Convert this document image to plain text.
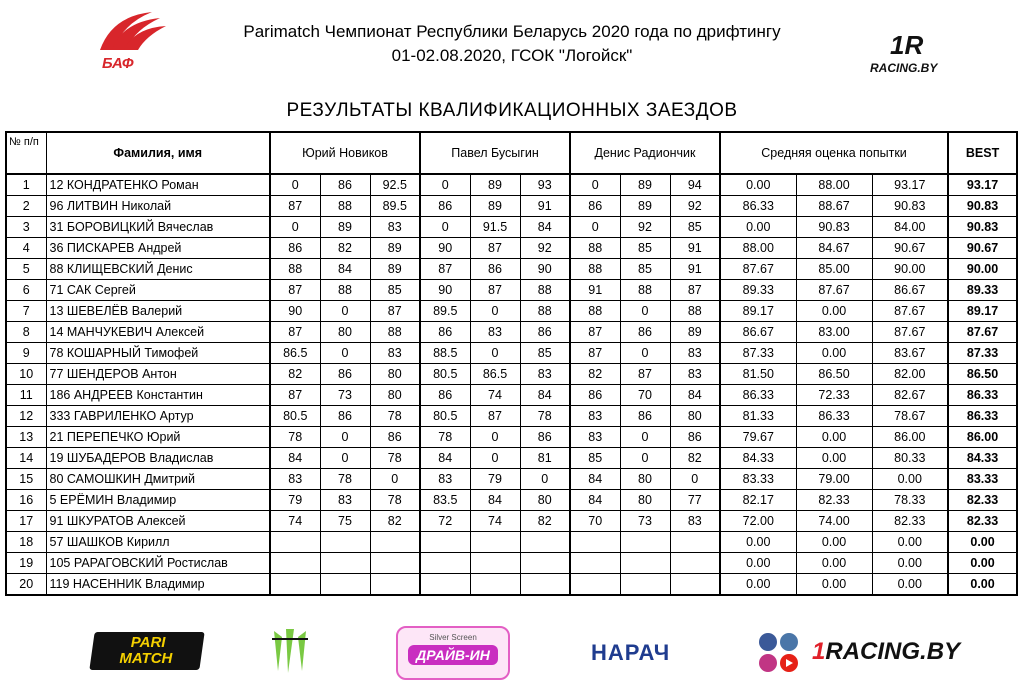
БАФ
Parimatch Чемпионат Республики Беларусь 2020 года по дрифтингу
01-02.08.2020, ГСОК "Логойск"	1R
RACING.BY
РЕЗУЛЬТАТЫ КВАЛИФИКАЦИОННЫХ ЗАЕЗДОВ
№ п/п	Фамилия, имя	Юрий Новиков			Павел Бусыгин			Денис Радиончик			Средняя оценка попытки			BEST
1	12 КОНДРАТЕНКО Роман	0	86	92.5	0	89	93	0	89	94	0.00	88.00	93.17	93.17
2	96 ЛИТВИН Николай	87	88	89.5	86	89	91	86	89	92	86.33	88.67	90.83	90.83
3	31 БОРОВИЦКИЙ Вячеслав	0	89	83	0	91.5	84	0	92	85	0.00	90.83	84.00	90.83
4	36 ПИСКАРЕВ Андрей	86	82	89	90	87	92	88	85	91	88.00	84.67	90.67	90.67
5	88 КЛИЩЕВСКИЙ Денис	88	84	89	87	86	90	88	85	91	87.67	85.00	90.00	90.00
6	71 САК Сергей	87	88	85	90	87	88	91	88	87	89.33	87.67	86.67	89.33
7	13 ШЕВЕЛЁВ Валерий	90	0	87	89.5	0	88	88	0	88	89.17	0.00	87.67	89.17
8	14 МАНЧУКЕВИЧ Алексей	87	80	88	86	83	86	87	86	89	86.67	83.00	87.67	87.67
9	78 КОШАРНЫЙ Тимофей	86.5	0	83	88.5	0	85	87	0	83	87.33	0.00	83.67	87.33
10	77 ШЕНДЕРОВ Антон	82	86	80	80.5	86.5	83	82	87	83	81.50	86.50	82.00	86.50
11	186 АНДРЕЕВ Константин	87	73	80	86	74	84	86	70	84	86.33	72.33	82.67	86.33
12	333 ГАВРИЛЕНКО Артур	80.5	86	78	80.5	87	78	83	86	80	81.33	86.33	78.67	86.33
13	21 ПЕРЕПЕЧКО Юрий	78	0	86	78	0	86	83	0	86	79.67	0.00	86.00	86.00
14	19 ШУБАДЕРОВ Владислав	84	0	78	84	0	81	85	0	82	84.33	0.00	80.33	84.33
15	80 САМОШКИН Дмитрий	83	78	0	83	79	0	84	80	0	83.33	79.00	0.00	83.33
16	5 ЕРЁМИН Владимир	79	83	78	83.5	84	80	84	80	77	82.17	82.33	78.33	82.33
17	91 ШКУРАТОВ Алексей	74	75	82	72	74	82	70	73	83	72.00	74.00	82.33	82.33
18	57 ШАШКОВ Кирилл										0.00	0.00	0.00	0.00
19	105 РАРАГОВСКИЙ Ростислав										0.00	0.00	0.00	0.00
20	119 НАСЕННИК Владимир										0.00	0.00	0.00	0.00
PARI
MATCH
Silver Screen
ДРАЙВ-ИН	НАРАЧ	1RACING.BY
